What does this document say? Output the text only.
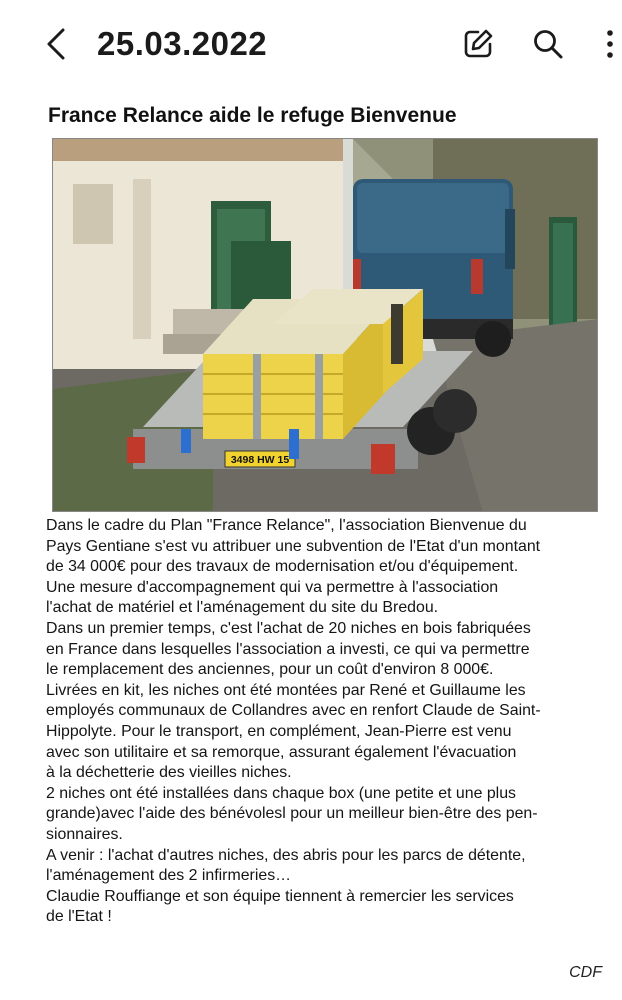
25.03.2022
France Relance aide le refuge Bienvenue
3498 HW 15

Dans le cadre du Plan "France Relance", l'association Bienvenue du
Pays Gentiane s'est vu attribuer une subvention de l'Etat d'un montant
de 34 000€ pour des travaux de modernisation et/ou d'équipement.
Une mesure d'accompagnement qui va permettre à l'association
l'achat de matériel et l'aménagement du site du Bredou.

Dans un premier temps, c'est l'achat de 20 niches en bois fabriquées
en France dans lesquelles l'association a investi, ce qui va permettre
le remplacement des anciennes, pour un coût d'environ 8 000€.

Livrées en kit, les niches ont été montées par René et Guillaume les
employés communaux de Collandres avec en renfort Claude de Saint-
Hippolyte. Pour le transport, en complément, Jean-Pierre est venu
avec son utilitaire et sa remorque, assurant également l'évacuation
à la déchetterie des vieilles niches.

2 niches ont été installées dans chaque box (une petite et une plus
grande)avec l'aide des bénévolesl pour un meilleur bien-être des pen-
sionnaires.

A venir : l'achat d'autres niches, des abris pour les parcs de détente,
l'aménagement des 2 infirmeries…

Claudie Rouffiange et son équipe tiennent à remercier les services
de l'Etat !

CDF
